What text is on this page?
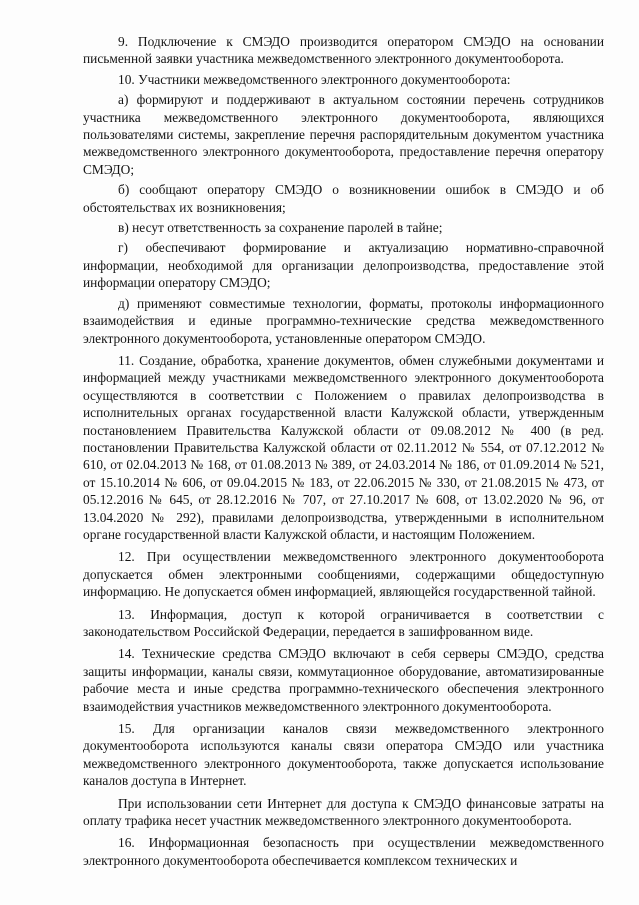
9. Подключение к СМЭДО производится оператором СМЭДО на основании письменной заявки участника межведомственного электронного документооборота.

10. Участники межведомственного электронного документооборота:

а) формируют и поддерживают в актуальном состоянии перечень сотрудников участника межведомственного электронного документооборота, являющихся пользователями системы, закрепление перечня распорядительным документом участника межведомственного электронного документооборота, предоставление перечня оператору СМЭДО;

б) сообщают оператору СМЭДО о возникновении ошибок в СМЭДО и об обстоятельствах их возникновения;

в) несут ответственность за сохранение паролей в тайне;

г) обеспечивают формирование и актуализацию нормативно-справочной информации, необходимой для организации делопроизводства, предоставление этой информации оператору СМЭДО;

д) применяют совместимые технологии, форматы, протоколы информационного взаимодействия и единые программно-технические средства межведомственного электронного документооборота, установленные оператором СМЭДО.

11. Создание, обработка, хранение документов, обмен служебными документами и информацией между участниками межведомственного электронного документооборота осуществляются в соответствии с Положением о правилах делопроизводства в исполнительных органах государственной власти Калужской области, утвержденным постановлением Правительства Калужской области от 09.08.2012 № 400 (в ред. постановлении Правительства Калужской области от 02.11.2012 № 554, от 07.12.2012 № 610, от 02.04.2013 № 168, от 01.08.2013 № 389, от 24.03.2014 № 186, от 01.09.2014 № 521, от 15.10.2014 № 606, от 09.04.2015 № 183, от 22.06.2015 № 330, от 21.08.2015 № 473, от 05.12.2016 № 645, от 28.12.2016 № 707, от 27.10.2017 № 608, от 13.02.2020 № 96, от 13.04.2020 № 292), правилами делопроизводства, утвержденными в исполнительном органе государственной власти Калужской области, и настоящим Положением.

12. При осуществлении межведомственного электронного документооборота допускается обмен электронными сообщениями, содержащими общедоступную информацию. Не допускается обмен информацией, являющейся государственной тайной.

13. Информация, доступ к которой ограничивается в соответствии с законодательством Российской Федерации, передается в зашифрованном виде.

14. Технические средства СМЭДО включают в себя серверы СМЭДО, средства защиты информации, каналы связи, коммутационное оборудование, автоматизированные рабочие места и иные средства программно-технического обеспечения электронного взаимодействия участников межведомственного электронного документооборота.

15. Для организации каналов связи межведомственного электронного документооборота используются каналы связи оператора СМЭДО или участника межведомственного электронного документооборота, также допускается использование каналов доступа в Интернет.

При использовании сети Интернет для доступа к СМЭДО финансовые затраты на оплату трафика несет участник межведомственного электронного документооборота.

16. Информационная безопасность при осуществлении межведомственного электронного документооборота обеспечивается комплексом технических и
